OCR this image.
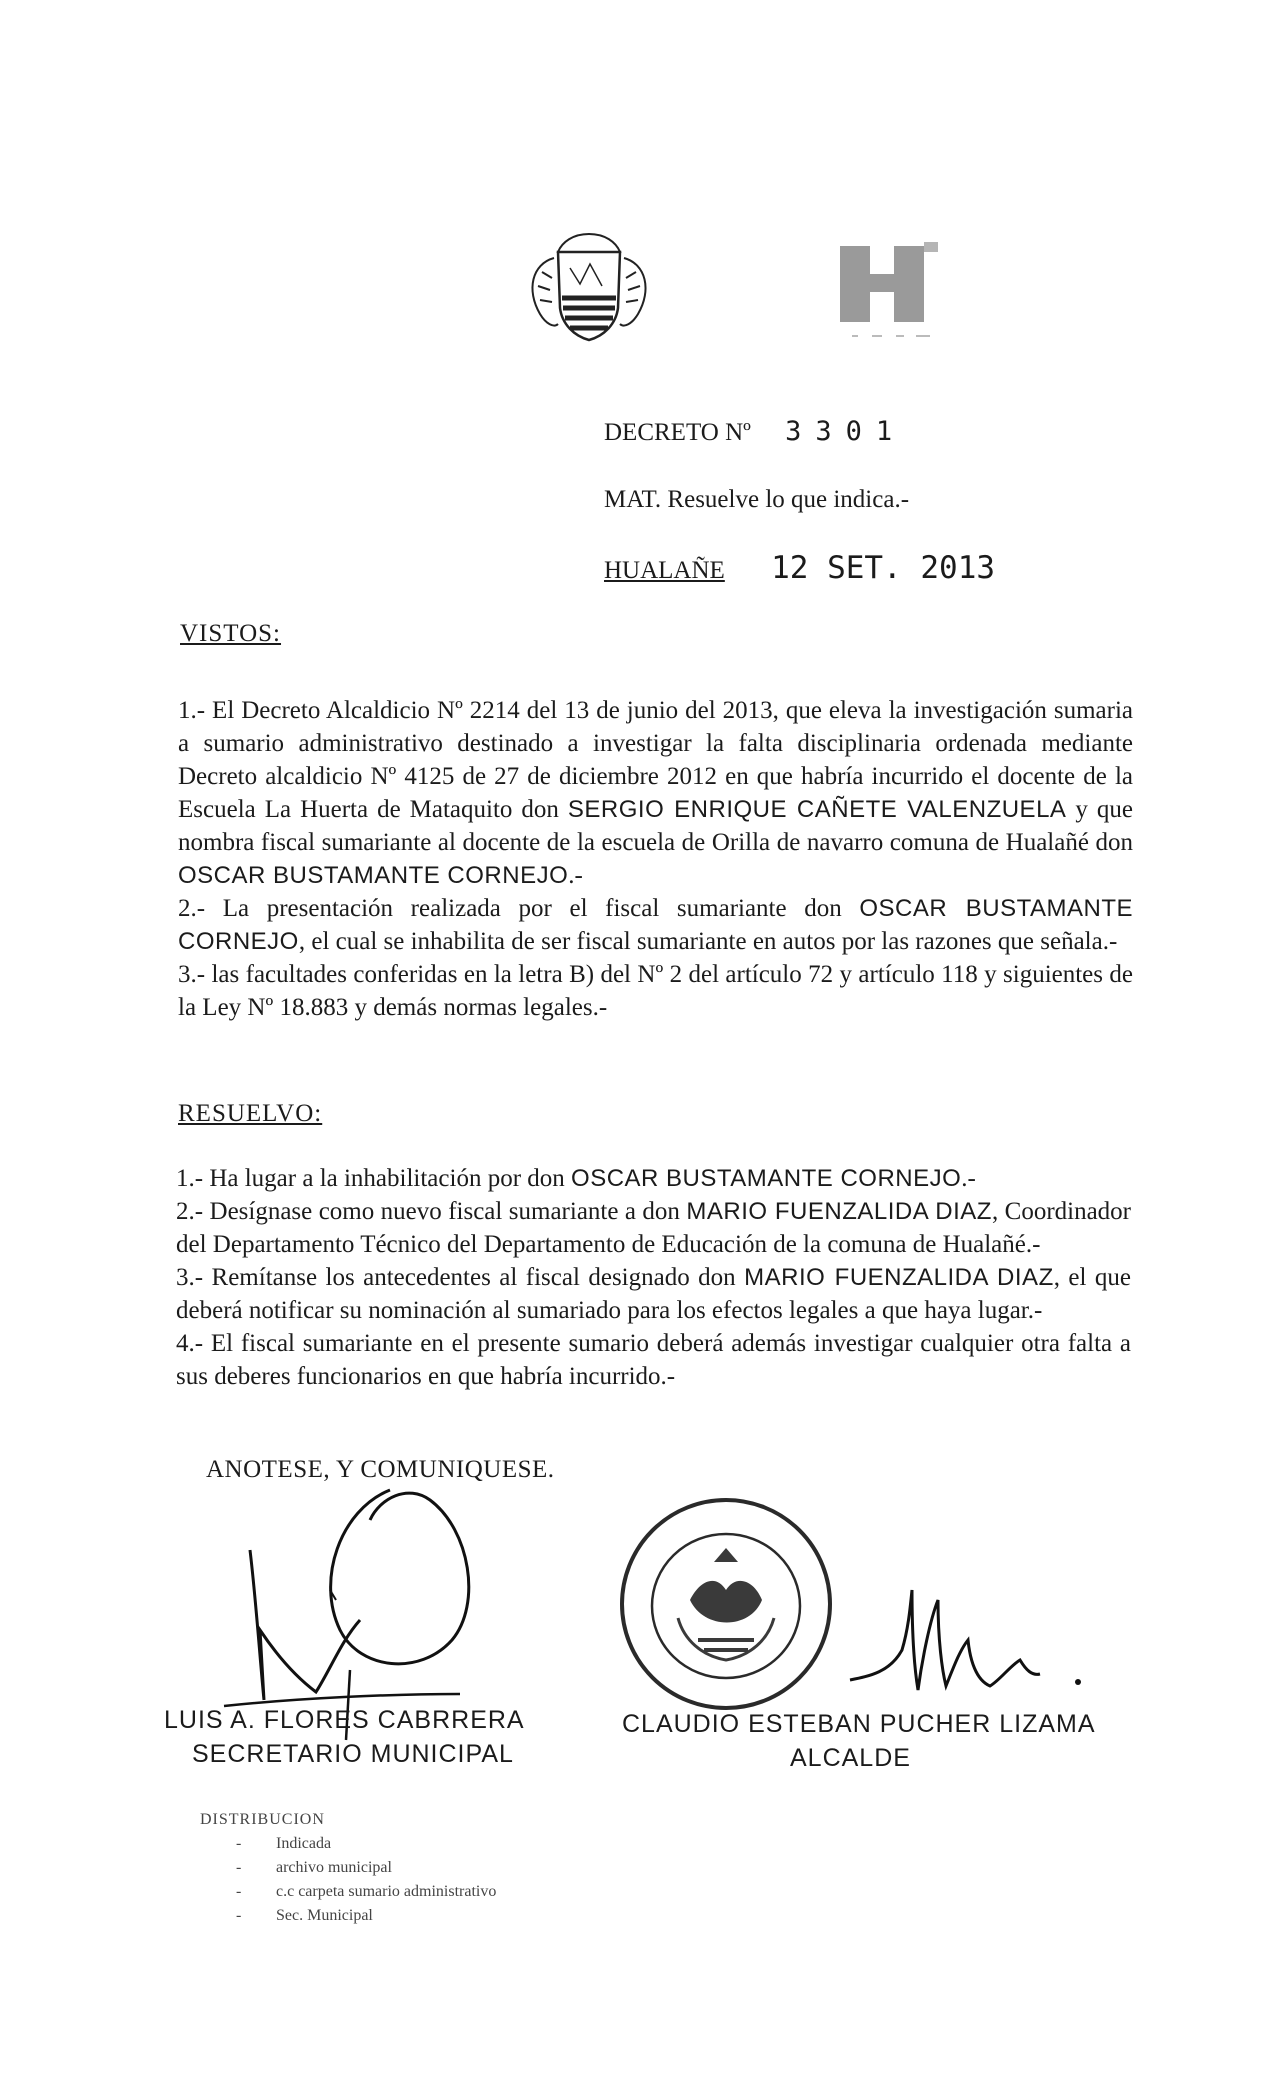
DECRETO Nº 3301
MAT. Resuelve lo que indica.-
HUALAÑE 12 SET. 2013
VISTOS:

1.- El Decreto Alcaldicio Nº 2214 del 13 de junio del 2013, que eleva la investigación sumaria a sumario administrativo destinado a investigar la falta disciplinaria ordenada mediante Decreto alcaldicio Nº 4125 de 27 de diciembre 2012 en que habría incurrido el docente de la Escuela La Huerta de Mataquito don SERGIO ENRIQUE CAÑETE VALENZUELA y que nombra fiscal sumariante al docente de la escuela de Orilla de navarro comuna de Hualañé don OSCAR BUSTAMANTE CORNEJO.-

2.- La presentación realizada por el fiscal sumariante don OSCAR BUSTAMANTE CORNEJO, el cual se inhabilita de ser fiscal sumariante en autos por las razones que señala.-

3.- las facultades conferidas en la letra B) del Nº 2 del artículo 72 y artículo 118 y siguientes de la Ley Nº 18.883 y demás normas legales.-

RESUELVO:

1.- Ha lugar a la inhabilitación por don OSCAR BUSTAMANTE CORNEJO.-

2.- Desígnase como nuevo fiscal sumariante a don MARIO FUENZALIDA DIAZ, Coordinador del Departamento Técnico del Departamento de Educación de la comuna de Hualañé.-

3.- Remítanse los antecedentes al fiscal designado don MARIO FUENZALIDA DIAZ, el que deberá notificar su nominación al sumariado para los efectos legales a que haya lugar.-

4.- El fiscal sumariante en el presente sumario deberá además investigar cualquier otra falta a sus deberes funcionarios en que habría incurrido.-

ANOTESE, Y COMUNIQUESE.
LUIS A. FLORES CABRRERA
SECRETARIO MUNICIPAL
CLAUDIO ESTEBAN PUCHER LIZAMA
ALCALDE
DISTRIBUCION
- Indicada
- archivo municipal
- c.c carpeta sumario administrativo
- Sec. Municipal
